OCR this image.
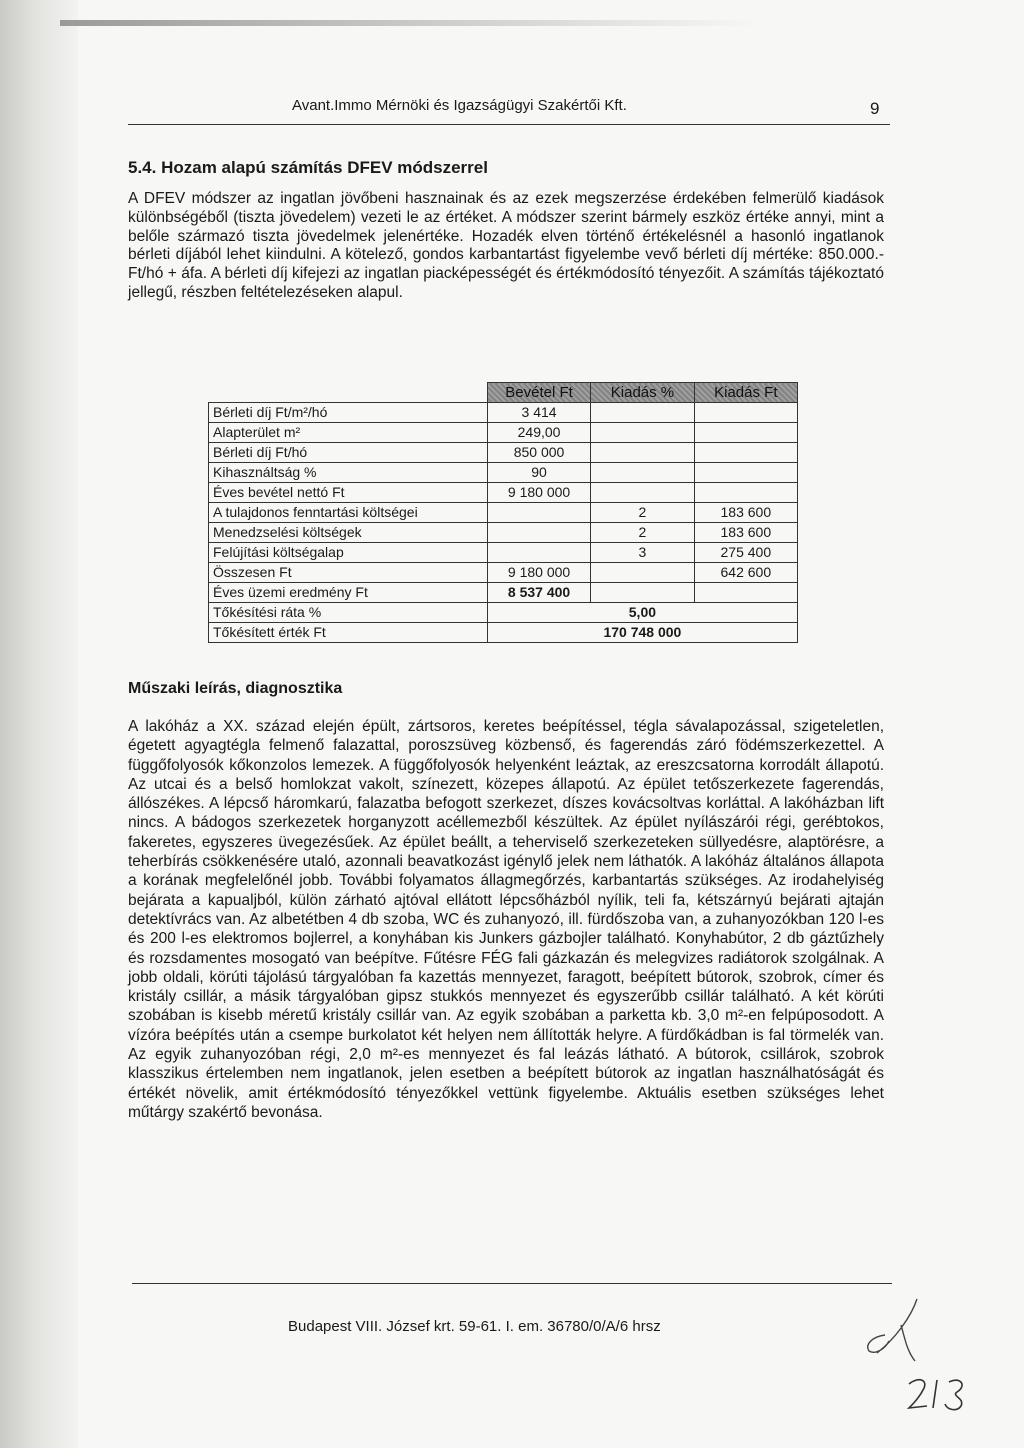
Avant.Immo Mérnöki és Igazságügyi Szakértői Kft.	9
5.4. Hozam alapú számítás DFEV módszerrel

A DFEV módszer az ingatlan jövőbeni hasznainak és az ezek megszerzése érdekében felmerülő kiadások különbségéből (tiszta jövedelem) vezeti le az értéket. A módszer szerint bármely eszköz értéke annyi, mint a belőle származó tiszta jövedelmek jelenértéke. Hozadék elven történő értékelésnél a hasonló ingatlanok bérleti díjából lehet kiindulni. A kötelező, gondos karbantartást figyelembe vevő bérleti díj mértéke: 850.000.- Ft/hó + áfa. A bérleti díj kifejezi az ingatlan piacképességét és értékmódosító tényezőit. A számítás tájékoztató jellegű, részben feltételezéseken alapul.

	Bevétel Ft	Kiadás %	Kiadás Ft
Bérleti díj Ft/m²/hó	3 414		
Alapterület m²	249,00		
Bérleti díj Ft/hó	850 000		
Kihasználtság %	90		
Éves bevétel nettó Ft	9 180 000		
A tulajdonos fenntartási költségei		2	183 600
Menedzselési költségek		2	183 600
Felújítási költségalap		3	275 400
Összesen Ft	9 180 000		642 600
Éves üzemi eredmény Ft	8 537 400		
Tőkésítési ráta %	5,00		
Tőkésített érték Ft	170 748 000		
Műszaki leírás, diagnosztika

A lakóház a XX. század elején épült, zártsoros, keretes beépítéssel, tégla sávalapozással, szigeteletlen, égetett agyagtégla felmenő falazattal, poroszsüveg közbenső, és fagerendás záró födémszerkezettel. A függőfolyosók kőkonzolos lemezek. A függőfolyosók helyenként leáztak, az ereszcsatorna korrodált állapotú. Az utcai és a belső homlokzat vakolt, színezett, közepes állapotú. Az épület tetőszerkezete fagerendás, állószékes. A lépcső háromkarú, falazatba befogott szerkezet, díszes kovácsoltvas korláttal. A lakóházban lift nincs. A bádogos szerkezetek horganyzott acéllemezből készültek. Az épület nyílászárói régi, gerébtokos, fakeretes, egyszeres üvegezésűek. Az épület beállt, a teherviselő szerkezeteken süllyedésre, alaptörésre, a teherbírás csökkenésére utaló, azonnali beavatkozást igénylő jelek nem láthatók. A lakóház általános állapota a korának megfelelőnél jobb. További folyamatos állagmegőrzés, karbantartás szükséges. Az irodahelyiség bejárata a kapualjból, külön zárható ajtóval ellátott lépcsőházból nyílik, teli fa, kétszárnyú bejárati ajtaján detektívrács van. Az albetétben 4 db szoba, WC és zuhanyozó, ill. fürdőszoba van, a zuhanyozókban 120 l-es és 200 l-es elektromos bojlerrel, a konyhában kis Junkers gázbojler található. Konyhabútor, 2 db gáztűzhely és rozsdamentes mosogató van beépítve. Fűtésre FÉG fali gázkazán és melegvizes radiátorok szolgálnak. A jobb oldali, körúti tájolású tárgyalóban fa kazettás mennyezet, faragott, beépített bútorok, szobrok, címer és kristály csillár, a másik tárgyalóban gipsz stukkós mennyezet és egyszerűbb csillár található. A két körúti szobában is kisebb méretű kristály csillár van. Az egyik szobában a parketta kb. 3,0 m²-en felpúposodott. A vízóra beépítés után a csempe burkolatot két helyen nem állították helyre. A fürdőkádban is fal törmelék van. Az egyik zuhanyozóban régi, 2,0 m²-es mennyezet és fal leázás látható. A bútorok, csillárok, szobrok klasszikus értelemben nem ingatlanok, jelen esetben a beépített bútorok az ingatlan használhatóságát és értékét növelik, amit értékmódosító tényezőkkel vettünk figyelembe. Aktuális esetben szükséges lehet műtárgy szakértő bevonása.

Budapest VIII. József krt. 59-61. I. em. 36780/0/A/6 hrsz
